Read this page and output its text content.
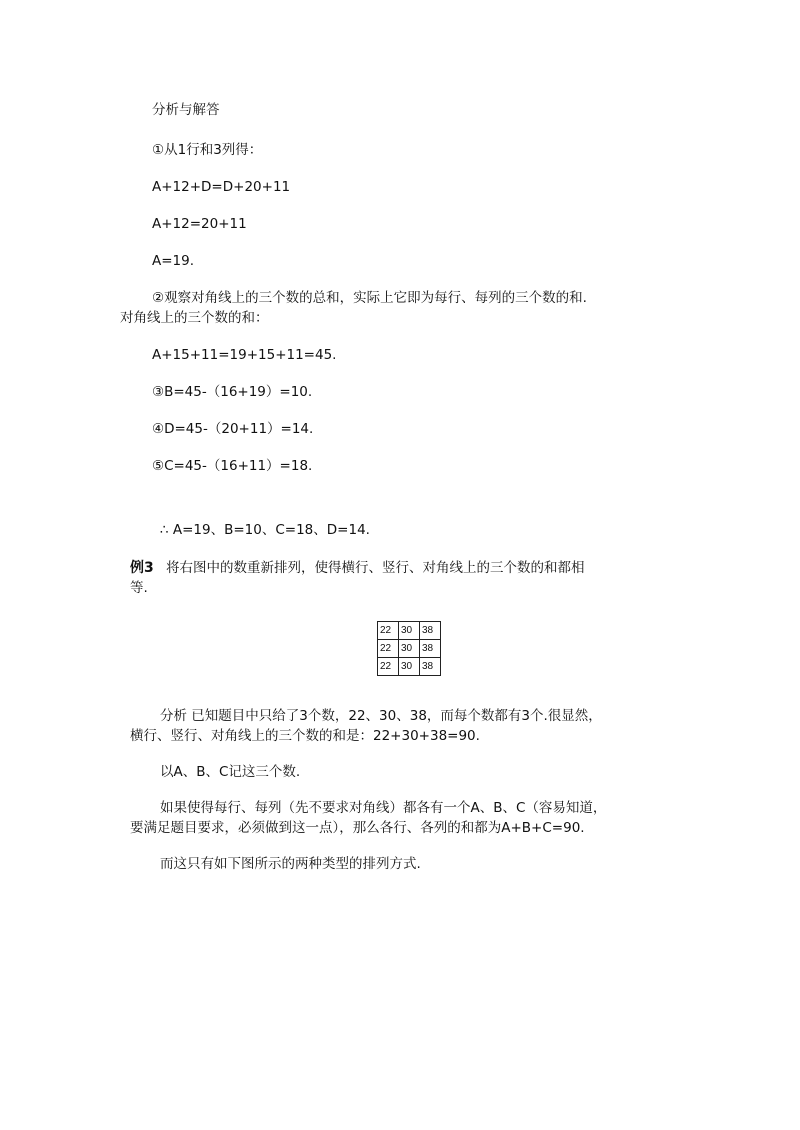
分析与解答
①从1行和3列得：
A+12+D=D+20+11
A+12=20+11
A=19.
②观察对角线上的三个数的总和，实际上它即为每行、每列的三个数的和.
对角线上的三个数的和：
A+15+11=19+15+11=45.
③B=45-（16+19）=10.
④D=45-（20+11）=14.
⑤C=45-（16+11）=18.
∴ A=19、B=10、C=18、D=14.
例3 将右图中的数重新排列，使得横行、竖行、对角线上的三个数的和都相
等.
22	30	38
22	30	38
22	30	38
分析 已知题目中只给了3个数，22、30、38，而每个数都有3个.很显然，
横行、竖行、对角线上的三个数的和是：22+30+38=90.
以A、B、C记这三个数.
如果使得每行、每列（先不要求对角线）都各有一个A、B、C（容易知道，
要满足题目要求，必须做到这一点），那么各行、各列的和都为A+B+C=90.
而这只有如下图所示的两种类型的排列方式.
